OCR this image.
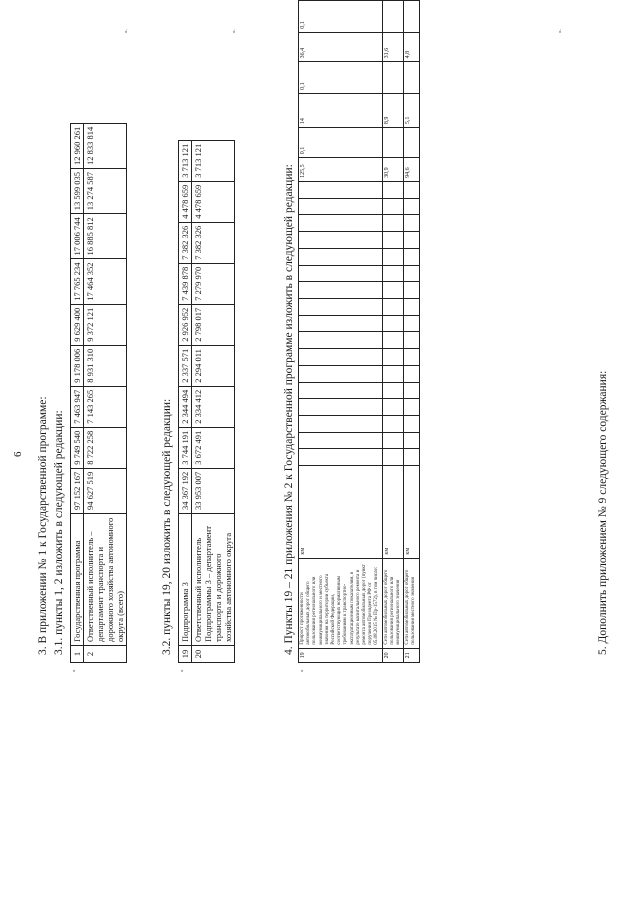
6 3. В приложении № 1 к Государственной программе: 3.1. пункты 1, 2 изложить в следующей редакции:
«
1	Государственная программа	97 152 167	9 749 540	7 463 947	9 178 006	9 629 400	17 765 234	17 006 744	13 599 035	12 960 261
2	Ответственный исполнитель – департамент транспорта и дорожного хозяйства автономного округа (всего)	94 627 519	8 722 258	7 143 265	8 931 310	9 372 121	17 464 352	16 885 812	13 274 587	12 833 814
».
3.2. пункты 19, 20 изложить в следующей редакции:
«
19	Подпрограмма 3	34 367 192	3 744 191	2 344 494	2 337 571	2 926 952	7 439 878	7 382 326	4 478 659	3 713 121
20	Ответственный исполнитель Подпрограммы 3 – департамент транспорта и дорожного хозяйства автономного округа	33 953 007	3 672 491	2 334 412	2 294 011	2 798 017	7 279 970	7 382 326	4 478 659	3 713 121
».
4. Пункты 19 – 21 приложения № 2 к Государственной программе изложить в следующей редакции:
«
19	Прирост протяженности автомобильных дорог общего пользования регионального или межмуниципального и местного значения на территории субъекта Российской Федерации, соответствующих нормативным требованиям к транспортно-эксплуатационным показателям, в результате капитального ремонта и ремонта автомобильных дорог (пункт поручения Президента РФ от 05.08.2015 № Пр-1572), в том числе:	км																		125,5	0,1	14	0,1	36,4	0,1
20	Сети автомобильных дорог общего пользования регионального или межмуниципального значения	км																		30,9		8,9		31,6	
21	Сети автомобильных дорог общего пользования местного значения	км																		94,6		5,1		4,8	
».
5. Дополнить приложением № 9 следующего содержания:
